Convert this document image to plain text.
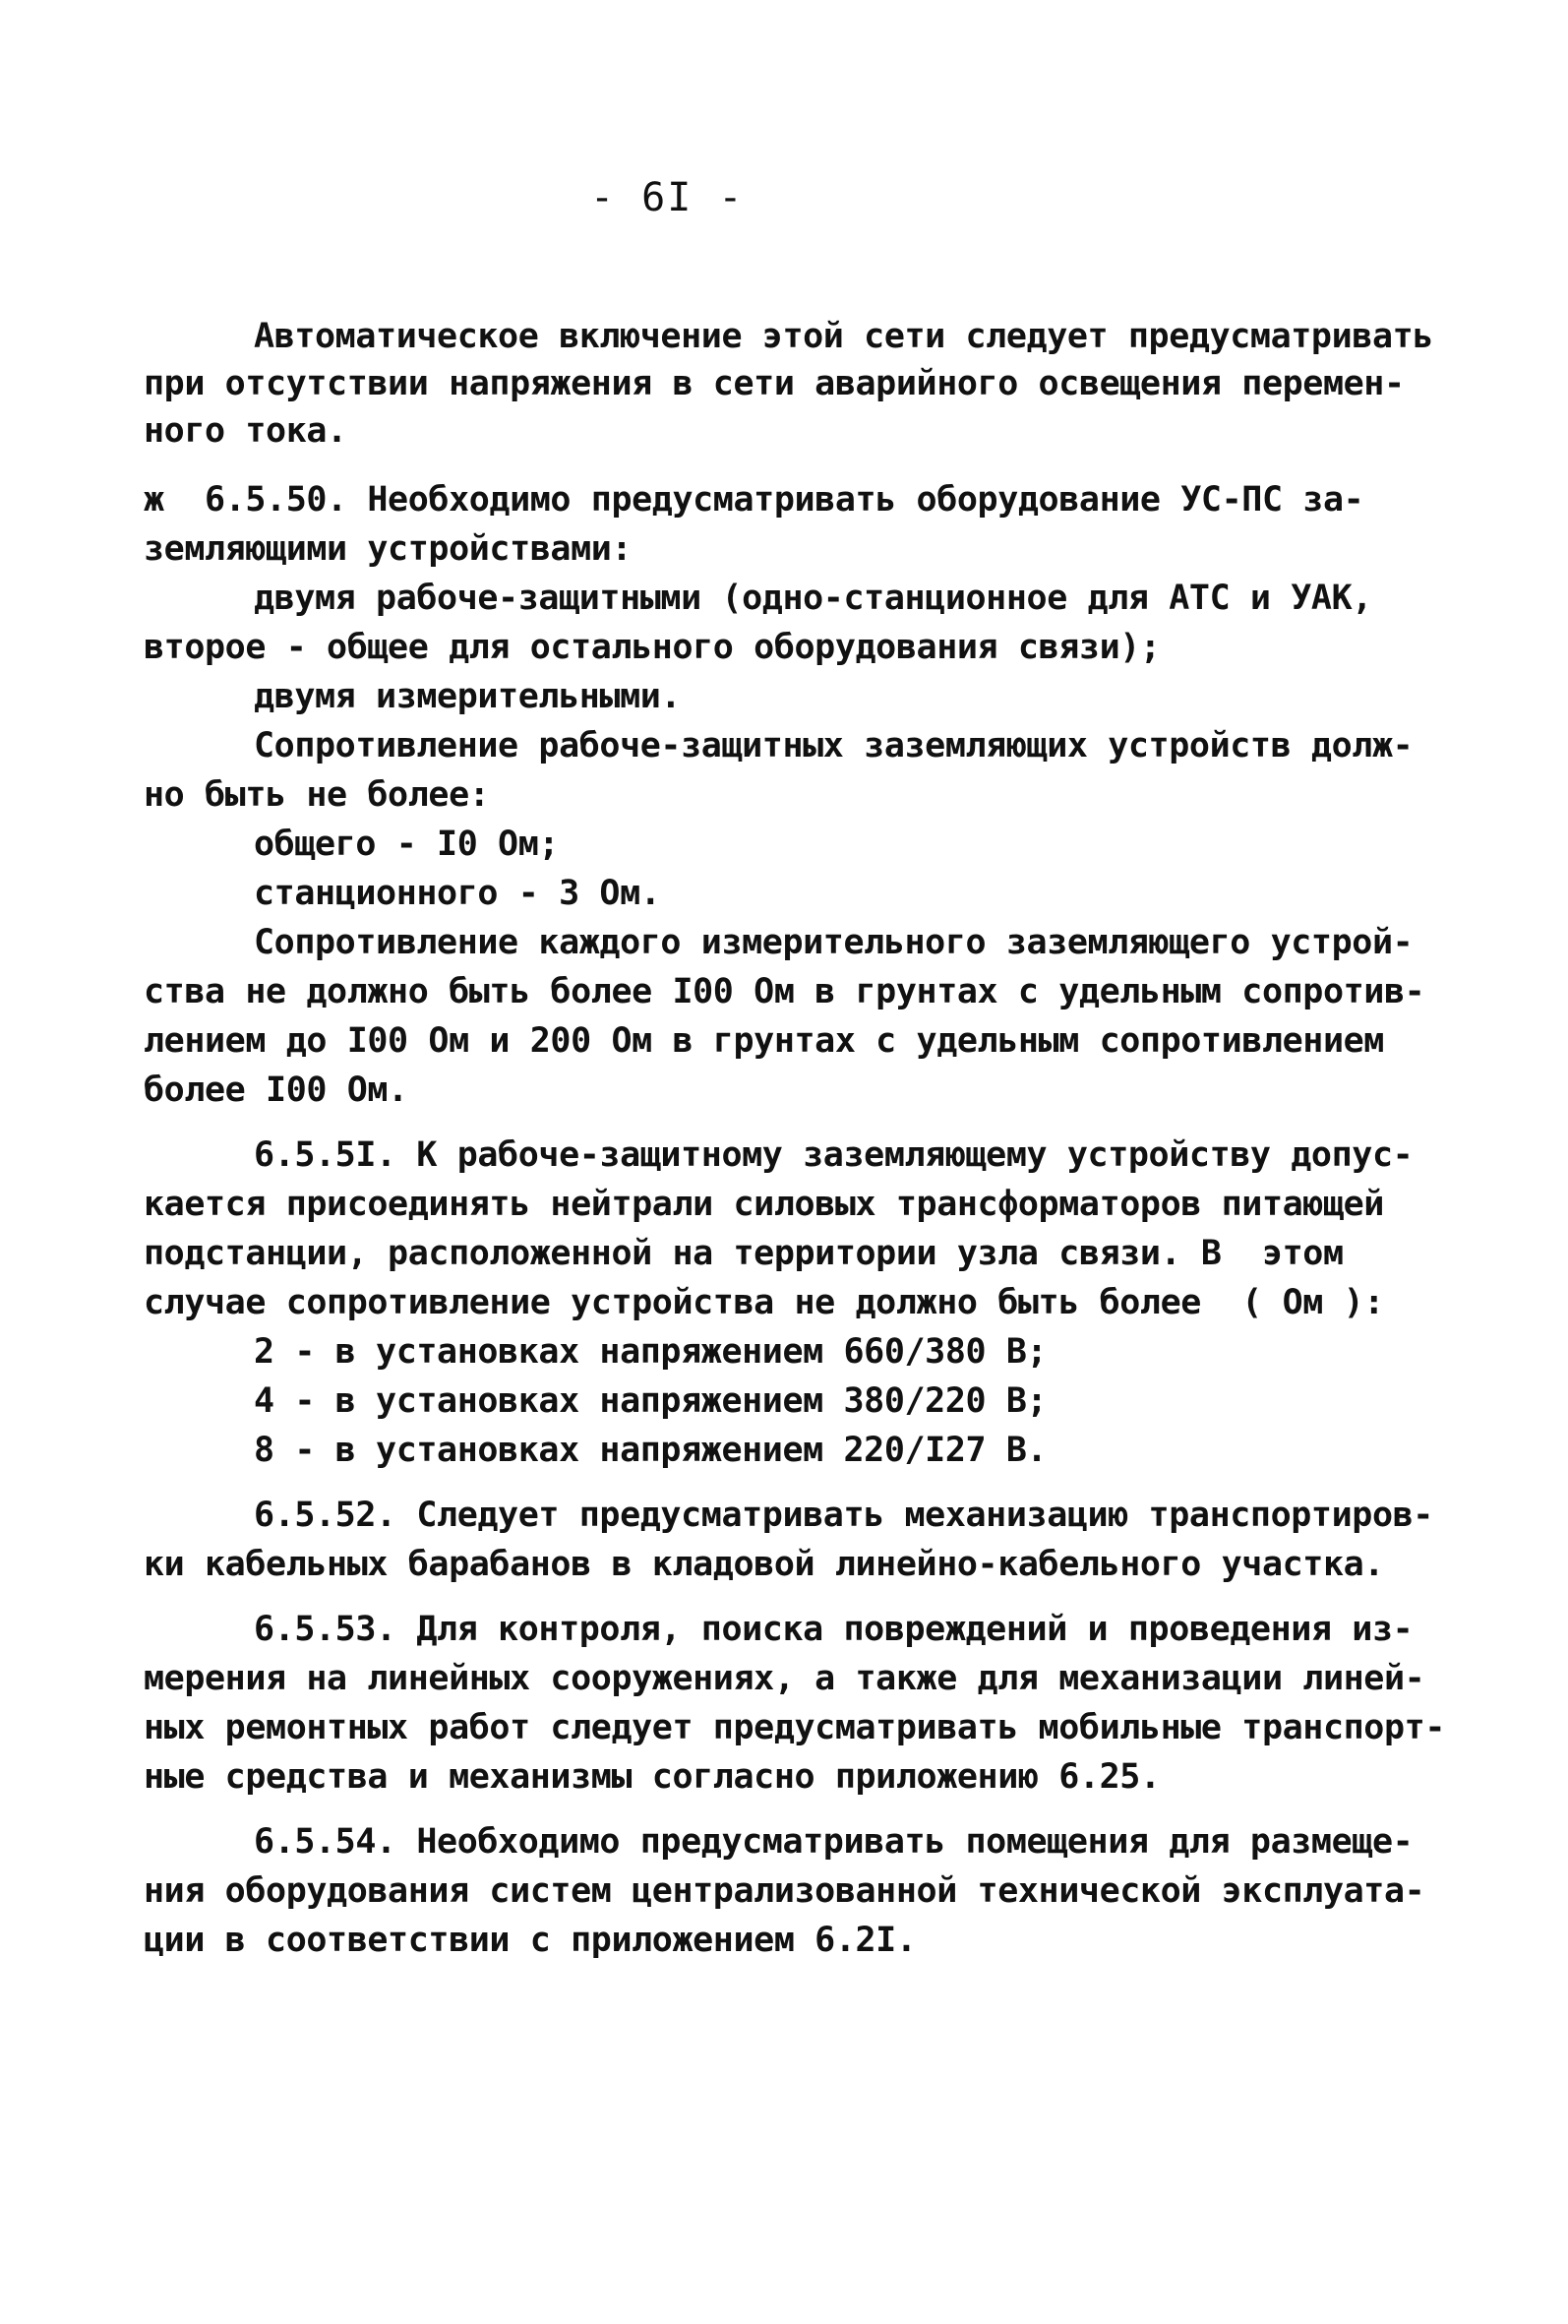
- 6I -
Автоматическое включение этой сети следует предусматривать
при отсутствии напряжения в сети аварийного освещения перемен-
ного тока.
ж  6.5.50. Необходимо предусматривать оборудование УС-ПС за-
земляющими устройствами:
двумя рабоче-защитными (одно-станционное для АТС и УАК,
второе - общее для остального оборудования связи);
двумя измерительными.
Сопротивление рабоче-защитных заземляющих устройств долж-
но быть не более:
общего - I0 Ом;
станционного - 3 Ом.
Сопротивление каждого измерительного заземляющего устрой-
ства не должно быть более I00 Ом в грунтах с удельным сопротив-
лением до I00 Ом и 200 Ом в грунтах с удельным сопротивлением
более I00 Ом.
6.5.5I. К рабоче-защитному заземляющему устройству допус-
кается присоединять нейтрали силовых трансформаторов питающей
подстанции, расположенной на территории узла связи. В  этом
случае сопротивление устройства не должно быть более  ( Ом ):
2 - в установках напряжением 660/380 В;
4 - в установках напряжением 380/220 В;
8 - в установках напряжением 220/I27 В.
6.5.52. Следует предусматривать механизацию транспортиров-
ки кабельных барабанов в кладовой линейно-кабельного участка.
6.5.53. Для контроля, поиска повреждений и проведения из-
мерения на линейных сооружениях, а также для механизации линей-
ных ремонтных работ следует предусматривать мобильные транспорт-
ные средства и механизмы согласно приложению 6.25.
6.5.54. Необходимо предусматривать помещения для размеще-
ния оборудования систем централизованной технической эксплуата-
ции в соответствии с приложением 6.2I.
